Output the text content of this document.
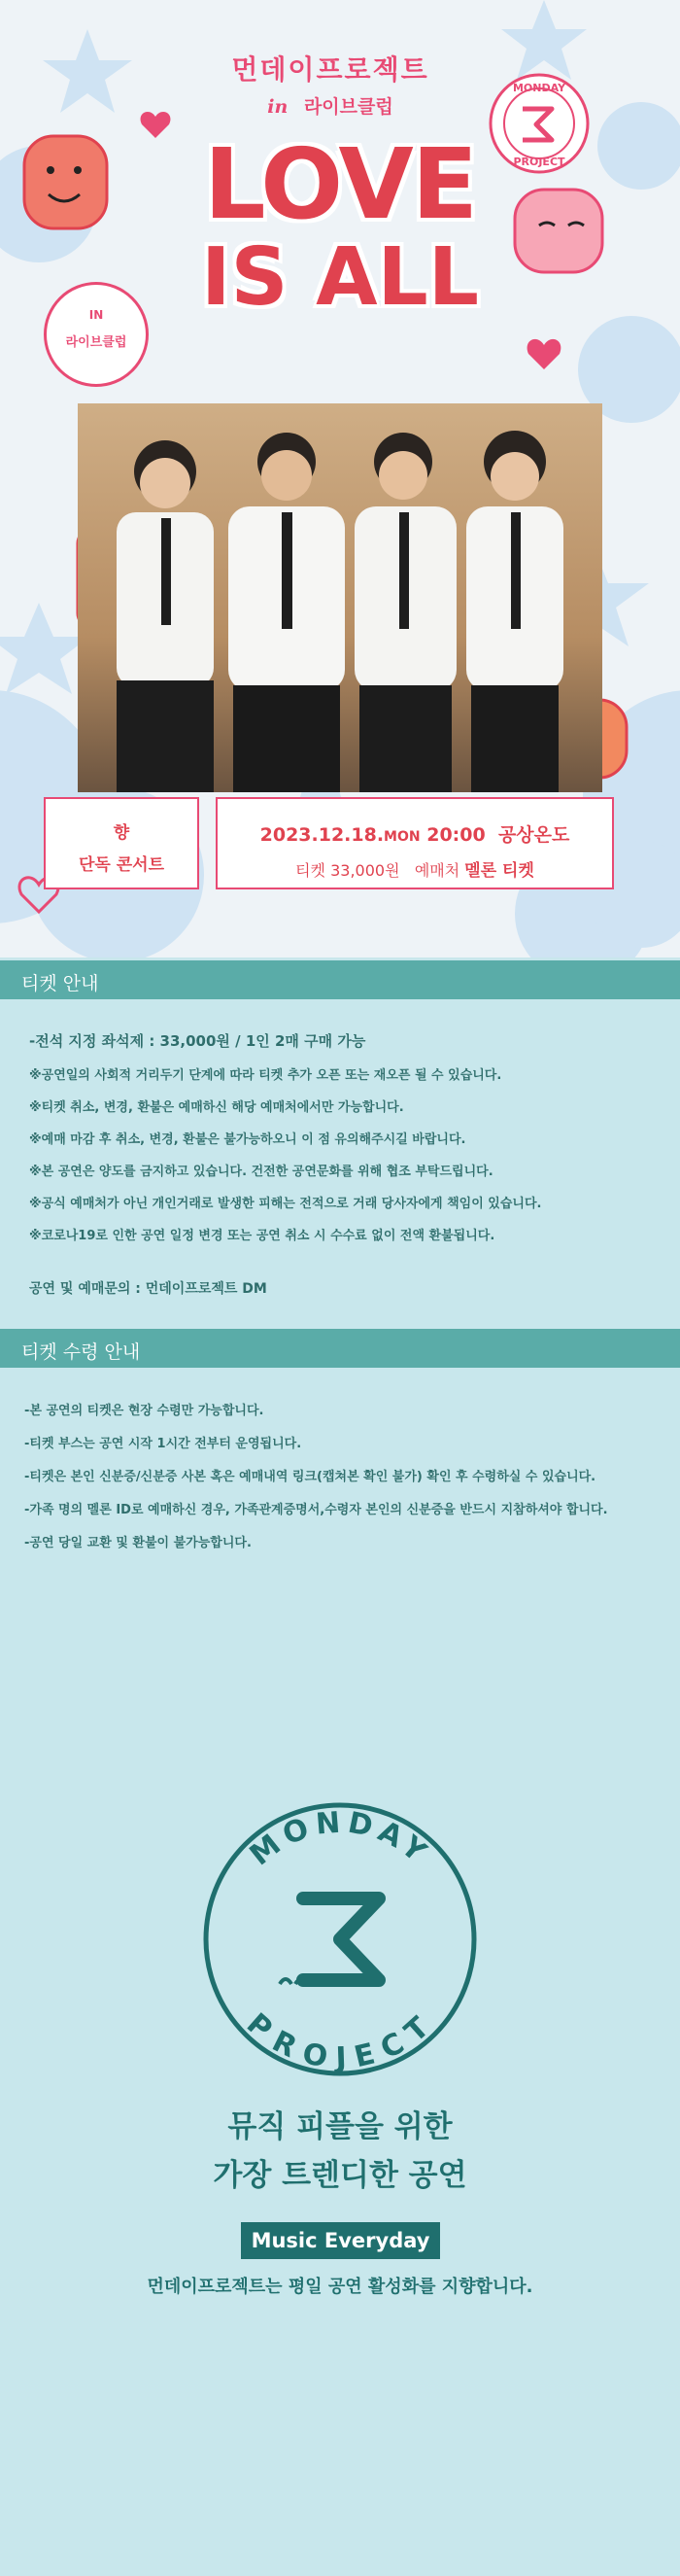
먼데이프로젝트
in 라이브클럽
LOVE
IS ALL
MONDAY
PROJECT
IN
라이브클럽
향
단독 콘서트
2023.12.18.MON 20:00 공상온도
티켓 33,000원 예매처 멜론 티켓
티켓 안내
-전석 지정 좌석제 : 33,000원 / 1인 2매 구매 가능
※공연일의 사회적 거리두기 단계에 따라 티켓 추가 오픈 또는 재오픈 될 수 있습니다.
※티켓 취소, 변경, 환불은 예매하신 해당 예매처에서만 가능합니다.
※예매 마감 후 취소, 변경, 환불은 불가능하오니 이 점 유의해주시길 바랍니다.
※본 공연은 양도를 금지하고 있습니다. 건전한 공연문화를 위해 협조 부탁드립니다.
※공식 예매처가 아닌 개인거래로 발생한 피해는 전적으로 거래 당사자에게 책임이 있습니다.
※코로나19로 인한 공연 일정 변경 또는 공연 취소 시 수수료 없이 전액 환불됩니다.
공연 및 예매문의 : 먼데이프로젝트 DM
티켓 수령 안내
-본 공연의 티켓은 현장 수령만 가능합니다.
-티켓 부스는 공연 시작 1시간 전부터 운영됩니다.
-티켓은 본인 신분증/신분증 사본 혹은 예매내역 링크(캡쳐본 확인 불가) 확인 후 수령하실 수 있습니다.
-가족 명의 멜론 ID로 예매하신 경우, 가족관계증명서,수령자 본인의 신분증을 반드시 지참하셔야 합니다.
-공연 당일 교환 및 환불이 불가능합니다.
MONDAY
PROJECT
뮤직 피플을 위한
가장 트렌디한 공연
Music Everyday
먼데이프로젝트는 평일 공연 활성화를 지향합니다.
